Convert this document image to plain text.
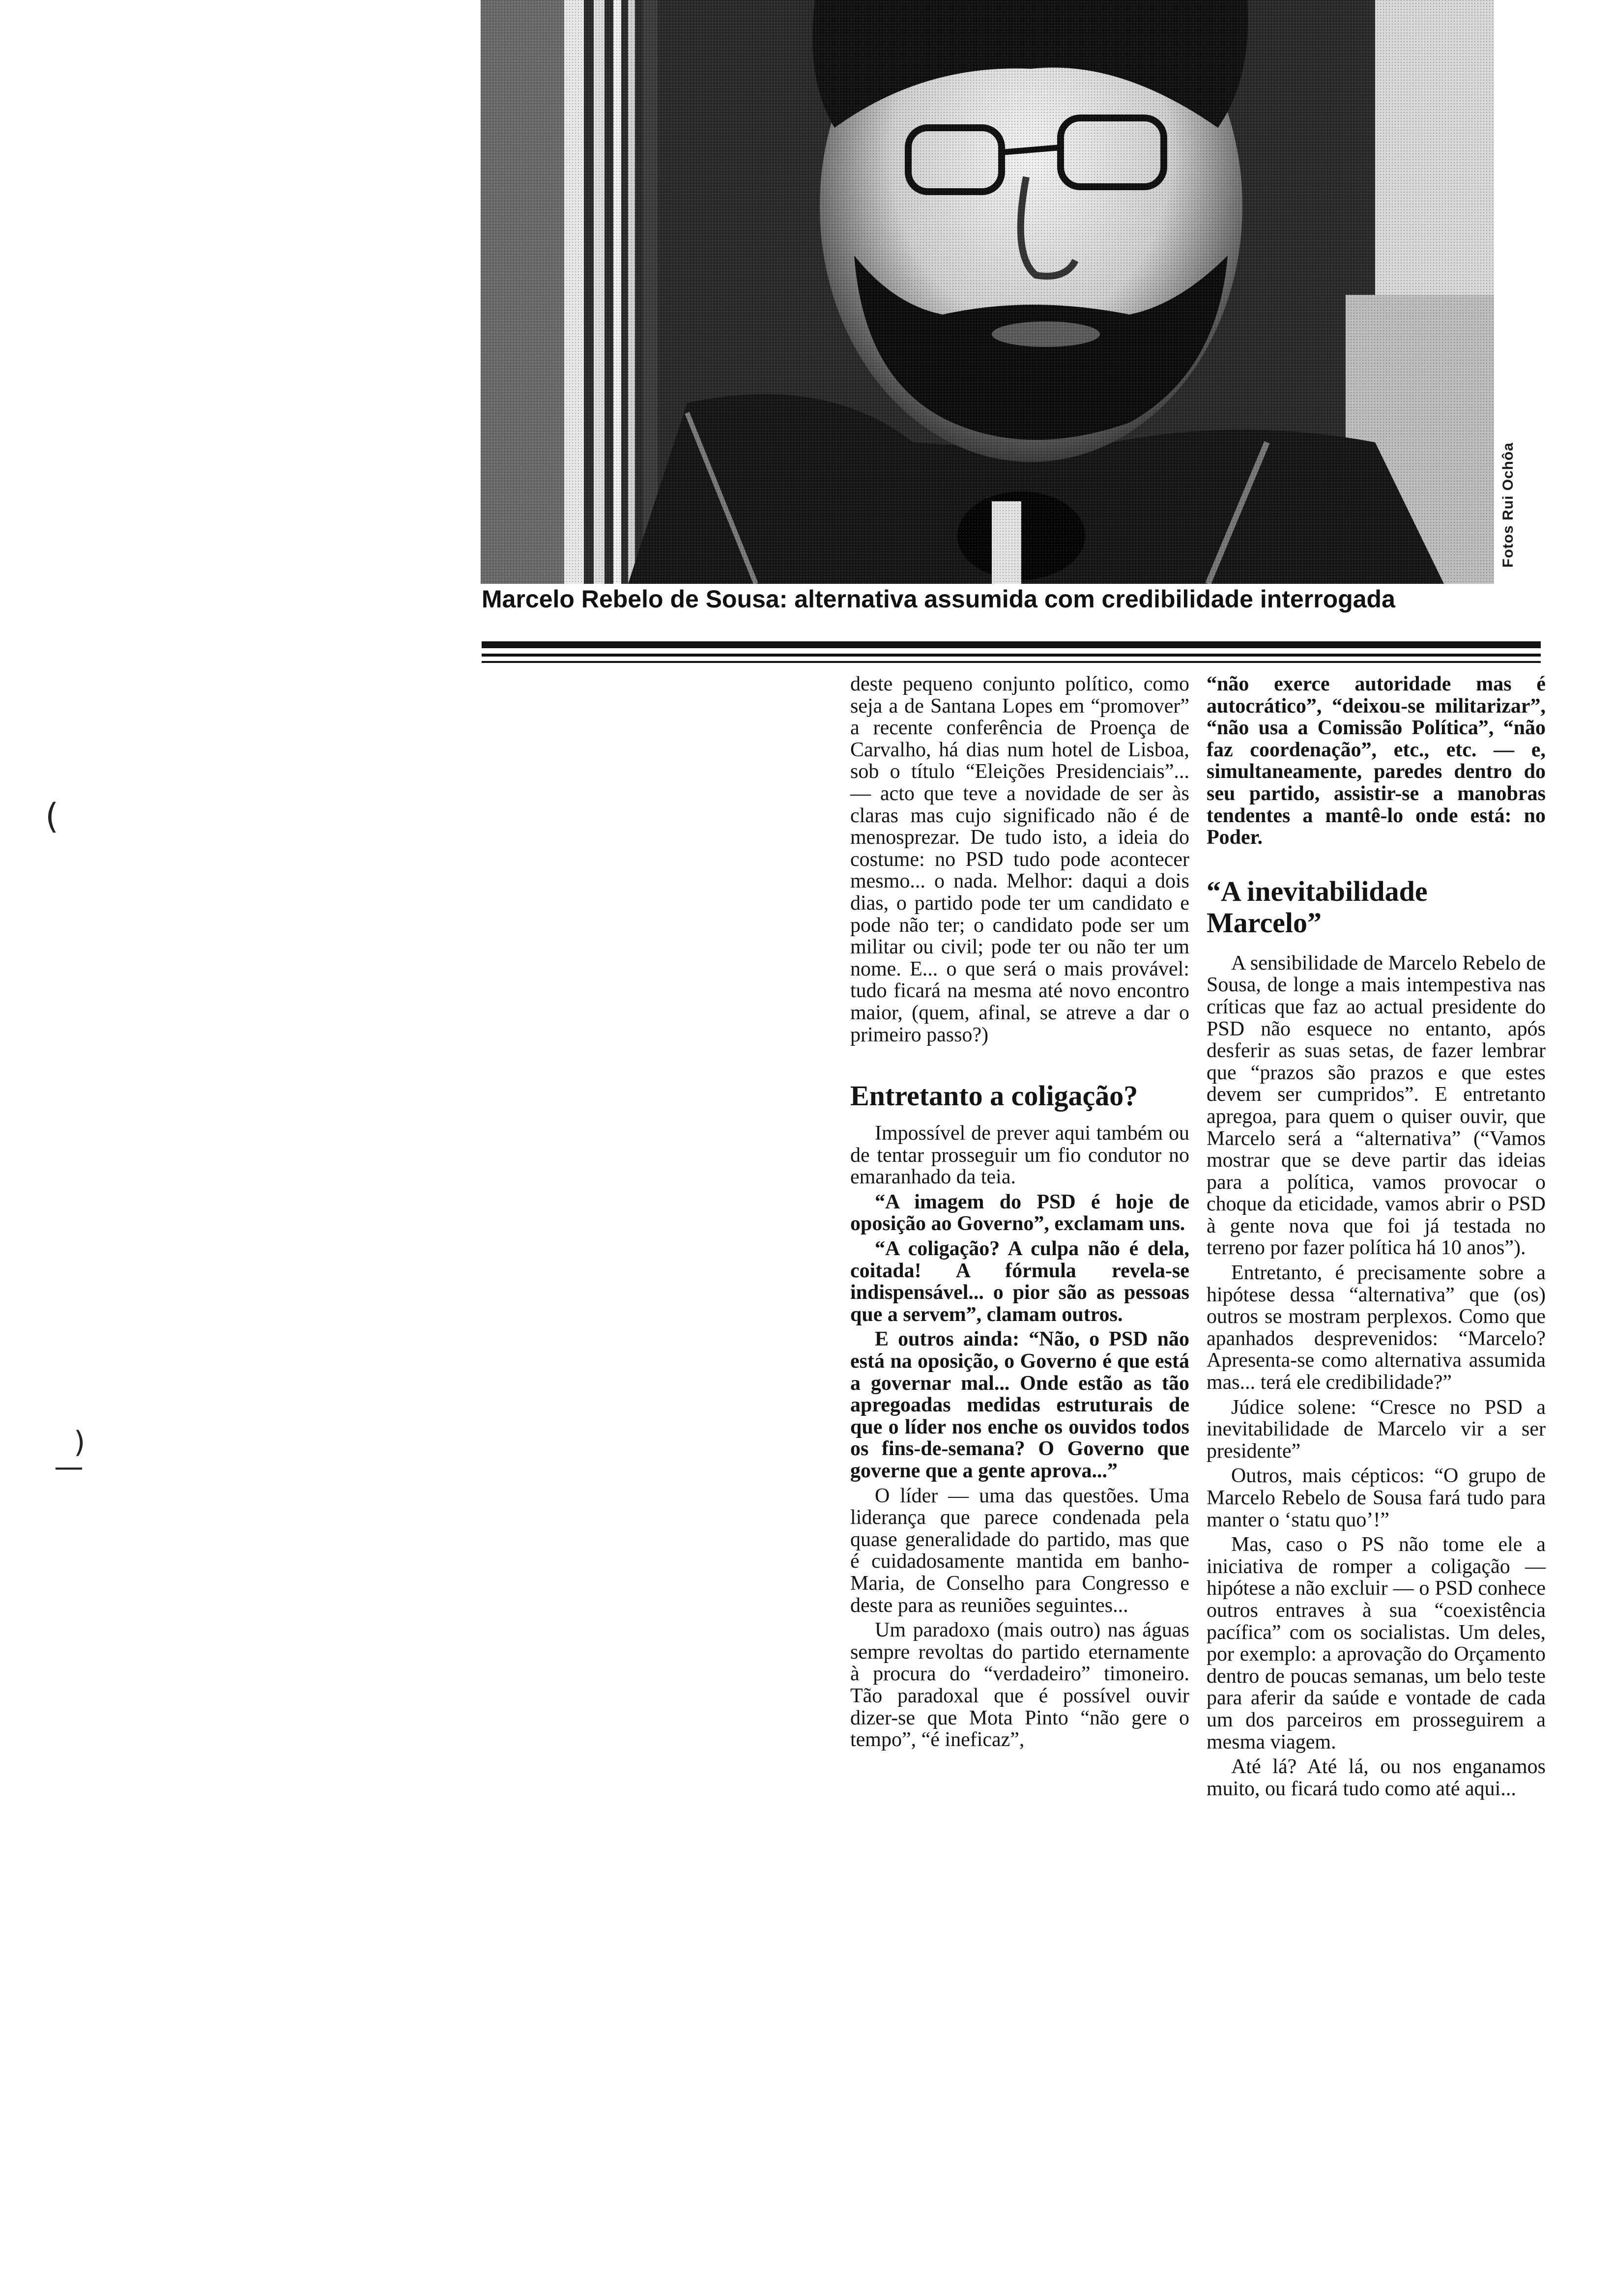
Fotos Rui Ochôa
Marcelo Rebelo de Sousa: alternativa assumida com credibilidade interrogada
(
)
—

deste pequeno conjunto político, como seja a de Santana Lopes em “promover” a recente conferência de Proença de Carvalho, há dias num hotel de Lisboa, sob o título “Eleições Presidenciais”... — acto que teve a novidade de ser às claras mas cujo significado não é de menosprezar. De tudo isto, a ideia do costume: no PSD tudo pode acontecer mesmo... o nada. Melhor: daqui a dois dias, o partido pode ter um candidato e pode não ter; o candidato pode ser um militar ou civil; pode ter ou não ter um nome. E... o que será o mais provável: tudo ficará na mesma até novo encontro maior, (quem, afinal, se atreve a dar o primeiro passo?)

Entretanto a coligação?

Impossível de prever aqui também ou de tentar prosseguir um fio condutor no emaranhado da teia.

“A imagem do PSD é hoje de oposição ao Governo”, exclamam uns.

“A coligação? A culpa não é dela, coitada! A fórmula revela-se indispensável... o pior são as pessoas que a servem”, clamam outros.

E outros ainda: “Não, o PSD não está na oposição, o Governo é que está a governar mal... Onde estão as tão apregoadas medidas estruturais de que o líder nos enche os ouvidos todos os fins-de-semana? O Governo que governe que a gente aprova...”

O líder — uma das questões. Uma liderança que parece condenada pela quase generalidade do partido, mas que é cuidadosamente mantida em banho-Maria, de Conselho para Congresso e deste para as reuniões seguintes...

Um paradoxo (mais outro) nas águas sempre revoltas do partido eternamente à procura do “verdadeiro” timoneiro. Tão paradoxal que é possível ouvir dizer-se que Mota Pinto “não gere o tempo”, “é ineficaz”,

“não exerce autoridade mas é autocrático”, “deixou-se militarizar”, “não usa a Comissão Política”, “não faz coordenação”, etc., etc. — e, simultaneamente, paredes dentro do seu partido, assistir-se a manobras tendentes a mantê-lo onde está: no Poder.

“A inevitabilidade Marcelo”

A sensibilidade de Marcelo Rebelo de Sousa, de longe a mais intempestiva nas críticas que faz ao actual presidente do PSD não esquece no entanto, após desferir as suas setas, de fazer lembrar que “prazos são prazos e que estes devem ser cumpridos”. E entretanto apregoa, para quem o quiser ouvir, que Marcelo será a “alternativa” (“Vamos mostrar que se deve partir das ideias para a política, vamos provocar o choque da eticidade, vamos abrir o PSD à gente nova que foi já testada no terreno por fazer política há 10 anos”).

Entretanto, é precisamente sobre a hipótese dessa “alternativa” que (os) outros se mostram perplexos. Como que apanhados desprevenidos: “Marcelo? Apresenta-se como alternativa assumida mas... terá ele credibilidade?”

Júdice solene: “Cresce no PSD a inevitabilidade de Marcelo vir a ser presidente”

Outros, mais cépticos: “O grupo de Marcelo Rebelo de Sousa fará tudo para manter o ‘statu quo’!”

Mas, caso o PS não tome ele a iniciativa de romper a coligação — hipótese a não excluir — o PSD conhece outros entraves à sua “coexistência pacífica” com os socialistas. Um deles, por exemplo: a aprovação do Orçamento dentro de poucas semanas, um belo teste para aferir da saúde e vontade de cada um dos parceiros em prosseguirem a mesma viagem.

Até lá? Até lá, ou nos enganamos muito, ou ficará tudo como até aqui...
